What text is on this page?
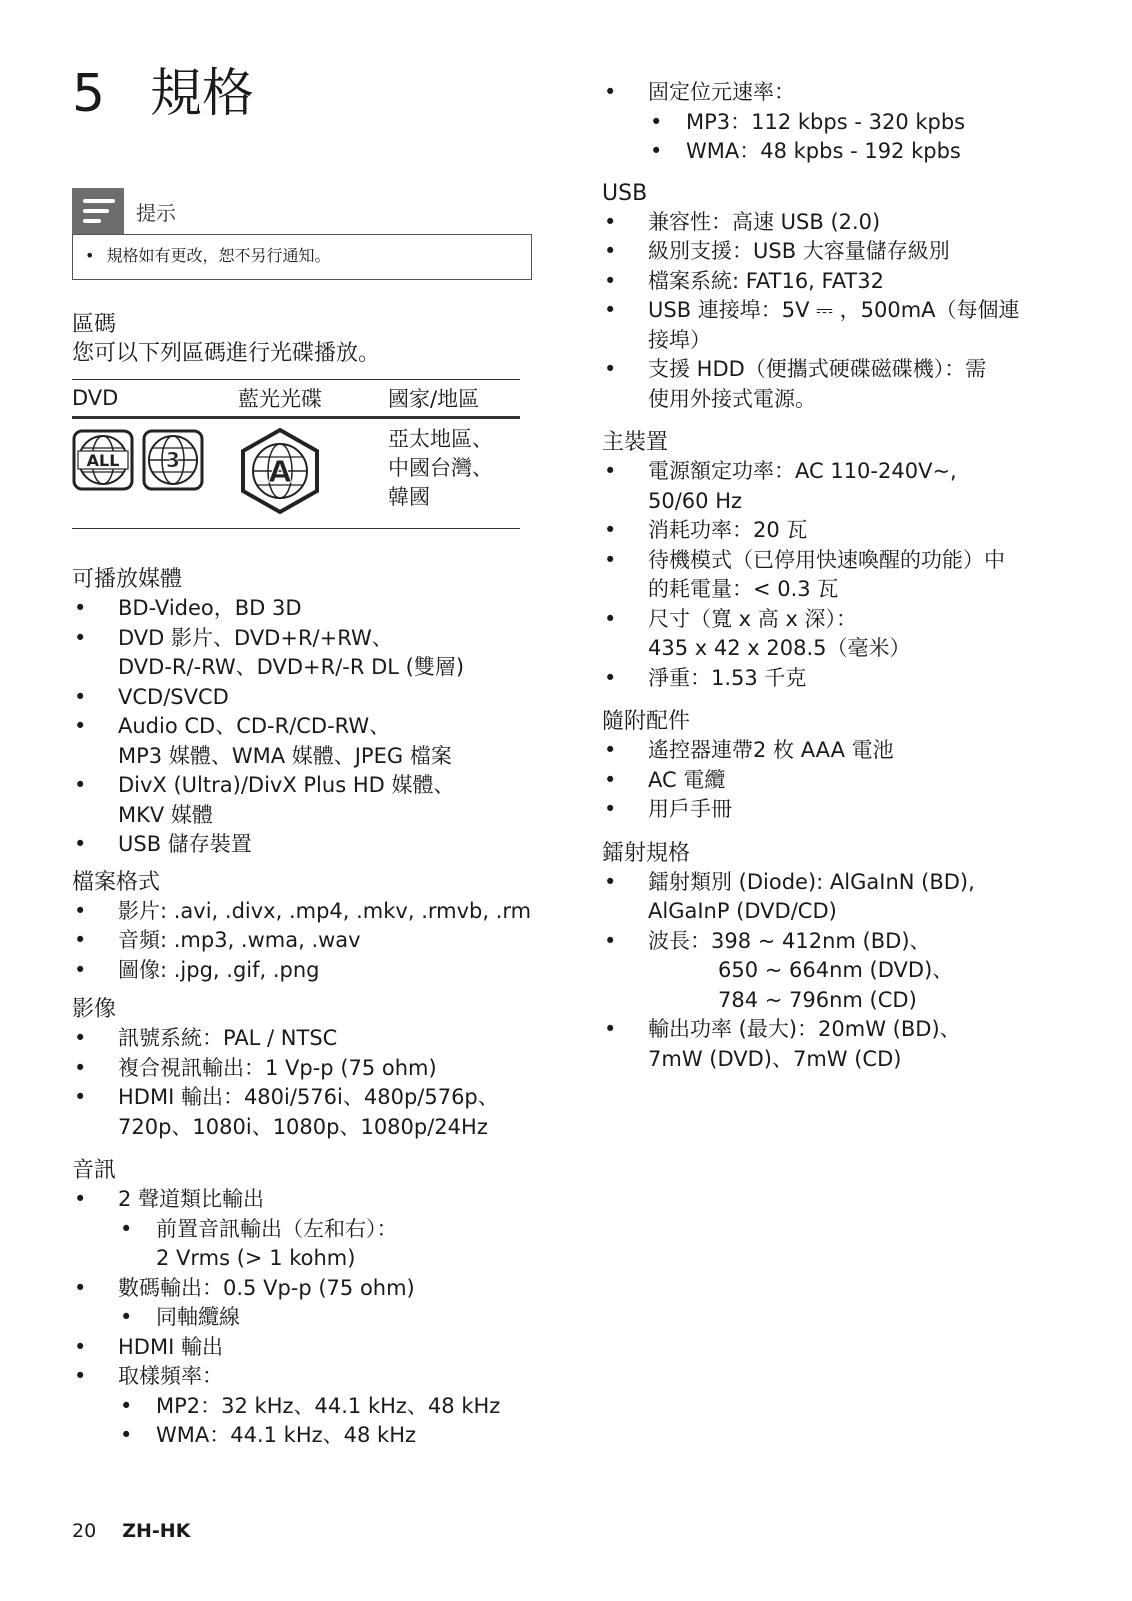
5 規格
提示
• 規格如有更改，恕不另行通知。
區碼

您可以下列區碼進行光碟播放。

DVD	藍光光碟	國家/地區

ALL 3	A	亞太地區、
中國台灣、
韓國
可播放媒體
• BD-Video，BD 3D
• DVD 影片、DVD+R/+RW、
DVD-R/-RW、DVD+R/-R DL (雙層)
• VCD/SVCD
• Audio CD、CD-R/CD-RW、
MP3 媒體、WMA 媒體、JPEG 檔案
• DivX (Ultra)/DivX Plus HD 媒體、
MKV 媒體
• USB 儲存裝置
檔案格式
• 影片: .avi, .divx, .mp4, .mkv, .rmvb, .rm
• 音頻: .mp3, .wma, .wav
• 圖像: .jpg, .gif, .png
影像
• 訊號系統：PAL / NTSC
• 複合視訊輸出：1 Vp-p (75 ohm)
• HDMI 輸出：480i/576i、480p/576p、
720p、1080i、1080p、1080p/24Hz
音訊
• 2 聲道類比輸出
• 前置音訊輸出（左和右）：
2 Vrms (> 1 kohm)
• 數碼輸出：0.5 Vp-p (75 ohm)
• 同軸纜線
• HDMI 輸出
• 取樣頻率：
• MP2：32 kHz、44.1 kHz、48 kHz
• WMA：44.1 kHz、48 kHz
• 固定位元速率：
• MP3：112 kbps - 320 kpbs
• WMA：48 kpbs - 192 kpbs
USB
• 兼容性：高速 USB (2.0)
• 級別支援：USB 大容量儲存級別
• 檔案系統: FAT16, FAT32
• USB 連接埠：5V ⎓ ，500mA（每個連
接埠）
• 支援 HDD（便攜式硬碟磁碟機）：需
使用外接式電源。
主裝置
• 電源額定功率：AC 110-240V~,
50/60 Hz
• 消耗功率：20 瓦
• 待機模式（已停用快速喚醒的功能）中
的耗電量：< 0.3 瓦
• 尺寸（寬 x 高 x 深）：
435 x 42 x 208.5（毫米）
• 淨重：1.53 千克
隨附配件
• 遙控器連帶2 枚 AAA 電池
• AC 電纜
• 用戶手冊
鐳射規格
• 鐳射類別 (Diode): AlGaInN (BD),
AlGaInP (DVD/CD)
• 波長：398 ~ 412nm (BD)、
650 ~ 664nm (DVD)、
784 ~ 796nm (CD)
• 輸出功率 (最大)：20mW (BD)、
7mW (DVD)、7mW (CD)
20 ZH-HK
